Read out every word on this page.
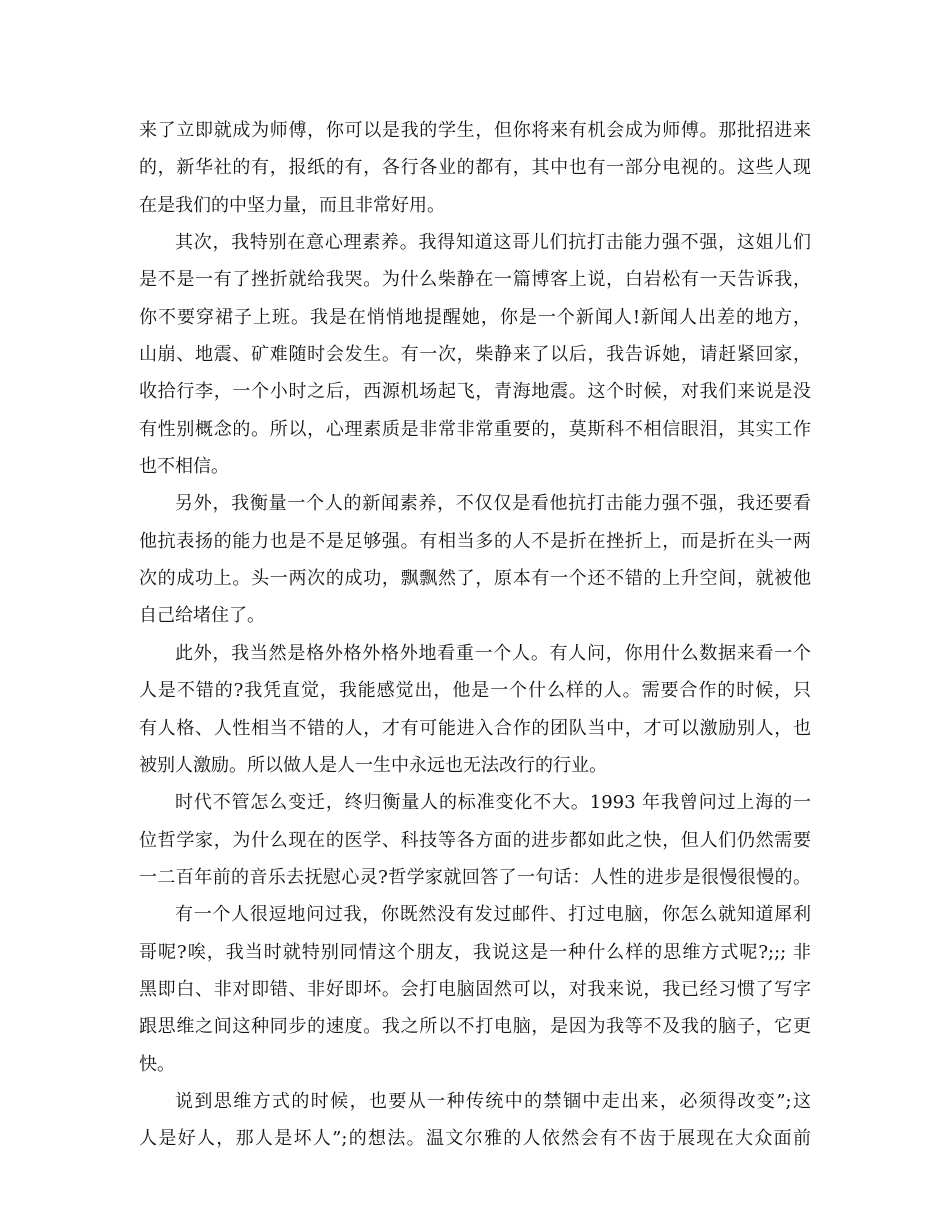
来了立即就成为师傅，你可以是我的学生，但你将来有机会成为师傅。那批招进来
的，新华社的有，报纸的有，各行各业的都有，其中也有一部分电视的。这些人现
在是我们的中坚力量，而且非常好用。
其次，我特别在意心理素养。我得知道这哥儿们抗打击能力强不强，这姐儿们
是不是一有了挫折就给我哭。为什么柴静在一篇博客上说，白岩松有一天告诉我，
你不要穿裙子上班。我是在悄悄地提醒她，你是一个新闻人!新闻人出差的地方，
山崩、地震、矿难随时会发生。有一次，柴静来了以后，我告诉她，请赶紧回家，
收拾行李，一个小时之后，西源机场起飞，青海地震。这个时候，对我们来说是没
有性别概念的。所以，心理素质是非常非常重要的，莫斯科不相信眼泪，其实工作
也不相信。
另外，我衡量一个人的新闻素养，不仅仅是看他抗打击能力强不强，我还要看
他抗表扬的能力也是不是足够强。有相当多的人不是折在挫折上，而是折在头一两
次的成功上。头一两次的成功，飘飘然了，原本有一个还不错的上升空间，就被他
自己给堵住了。
此外，我当然是格外格外格外地看重一个人。有人问，你用什么数据来看一个
人是不错的?我凭直觉，我能感觉出，他是一个什么样的人。需要合作的时候，只
有人格、人性相当不错的人，才有可能进入合作的团队当中，才可以激励别人，也
被别人激励。所以做人是人一生中永远也无法改行的行业。
时代不管怎么变迁，终归衡量人的标准变化不大。1993 年我曾问过上海的一
位哲学家，为什么现在的医学、科技等各方面的进步都如此之快，但人们仍然需要
一二百年前的音乐去抚慰心灵?哲学家就回答了一句话：人性的进步是很慢很慢的。
有一个人很逗地问过我，你既然没有发过邮件、打过电脑，你怎么就知道犀利
哥呢?唉，我当时就特别同情这个朋友，我说这是一种什么样的思维方式呢?;;; 非
黑即白、非对即错、非好即坏。会打电脑固然可以，对我来说，我已经习惯了写字
跟思维之间这种同步的速度。我之所以不打电脑，是因为我等不及我的脑子，它更
快。
说到思维方式的时候，也要从一种传统中的禁锢中走出来，必须得改变”;这
人是好人，那人是坏人”;的想法。温文尔雅的人依然会有不齿于展现在大众面前
